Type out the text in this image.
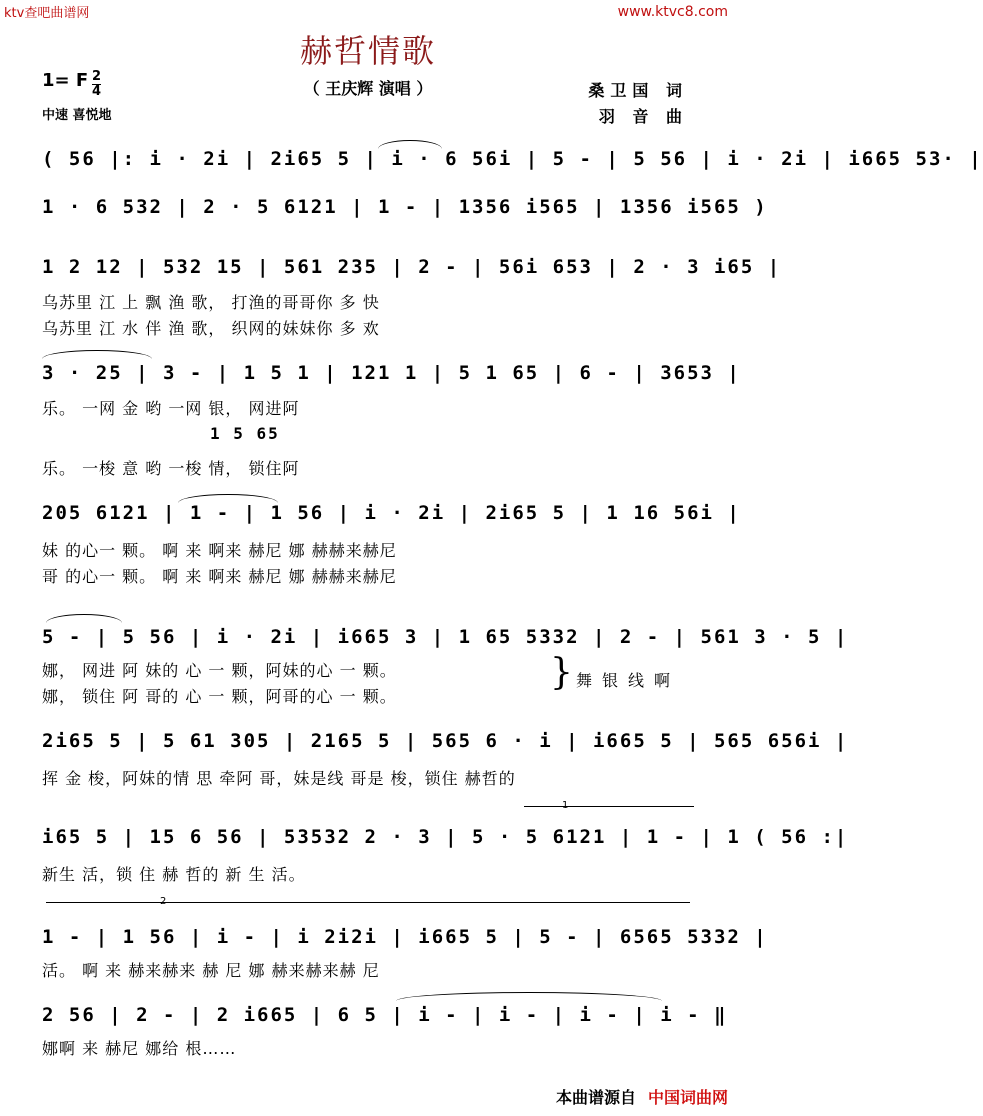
ktv查吧曲谱网	www.ktvc8.com
赫哲情歌
（ 王庆辉 演唱 ）
1= F $\frac{2}{4}$
中速 喜悦地
桑卫国 词
羽 音 曲
( 56 |: i · 2i | 2i65 5 | i · 6 56i | 5 - | 5 56 | i · 2i | i665 53· |
1 · 6 532 | 2 · 5 6121 | 1 - | 1356 i565 | 1356 i565 )
1 2 12 | 532 15 | 561 235 | 2 - | 56i 653 | 2 · 3 i65 |
乌苏里 江 上 飘 渔 歌， 打渔的哥哥你 多 快
乌苏里 江 水 伴 渔 歌， 织网的妹妹你 多 欢
3 · 25 | 3 - | 1 5 1 | 121 1 | 5 1 65 | 6 - | 3653 |
乐。 一网 金 哟 一网 银， 网进阿
1 5 65
乐。 一梭 意 哟 一梭 情， 锁住阿
205 6121 | 1 - | 1 56 | i · 2i | 2i65 5 | 1 16 56i |
妹 的心一 颗。 啊 来 啊来 赫尼 娜 赫赫来赫尼
哥 的心一 颗。 啊 来 啊来 赫尼 娜 赫赫来赫尼
5 - | 5 56 | i · 2i | i665 3 | 1 65 5332 | 2 - | 561 3 · 5 |
娜， 网进 阿 妹的 心 一 颗，阿妹的心 一 颗。
娜， 锁住 阿 哥的 心 一 颗，阿哥的心 一 颗。
} 舞银线啊
2i65 5 | 5 61 305 | 2165 5 | 565 6 · i | i665 5 | 565 656i |
挥 金 梭，阿妹的情 思 牵阿 哥，妹是线 哥是 梭，锁住 赫哲的
1
i65 5 | 15 6 56 | 53532 2 · 3 | 5 · 5 6121 | 1 - | 1 ( 56 :|
新生 活，锁 住 赫 哲的 新 生 活。
2
1 - | 1 56 | i - | i 2i2i | i665 5 | 5 - | 6565 5332 |
活。 啊 来 赫来赫来 赫 尼 娜 赫来赫来赫 尼
2 56 | 2 - | 2 i665 | 6 5 | i - | i - | i - | i - ‖
娜啊 来 赫尼 娜给 根……
本曲谱源自 中国词曲网
